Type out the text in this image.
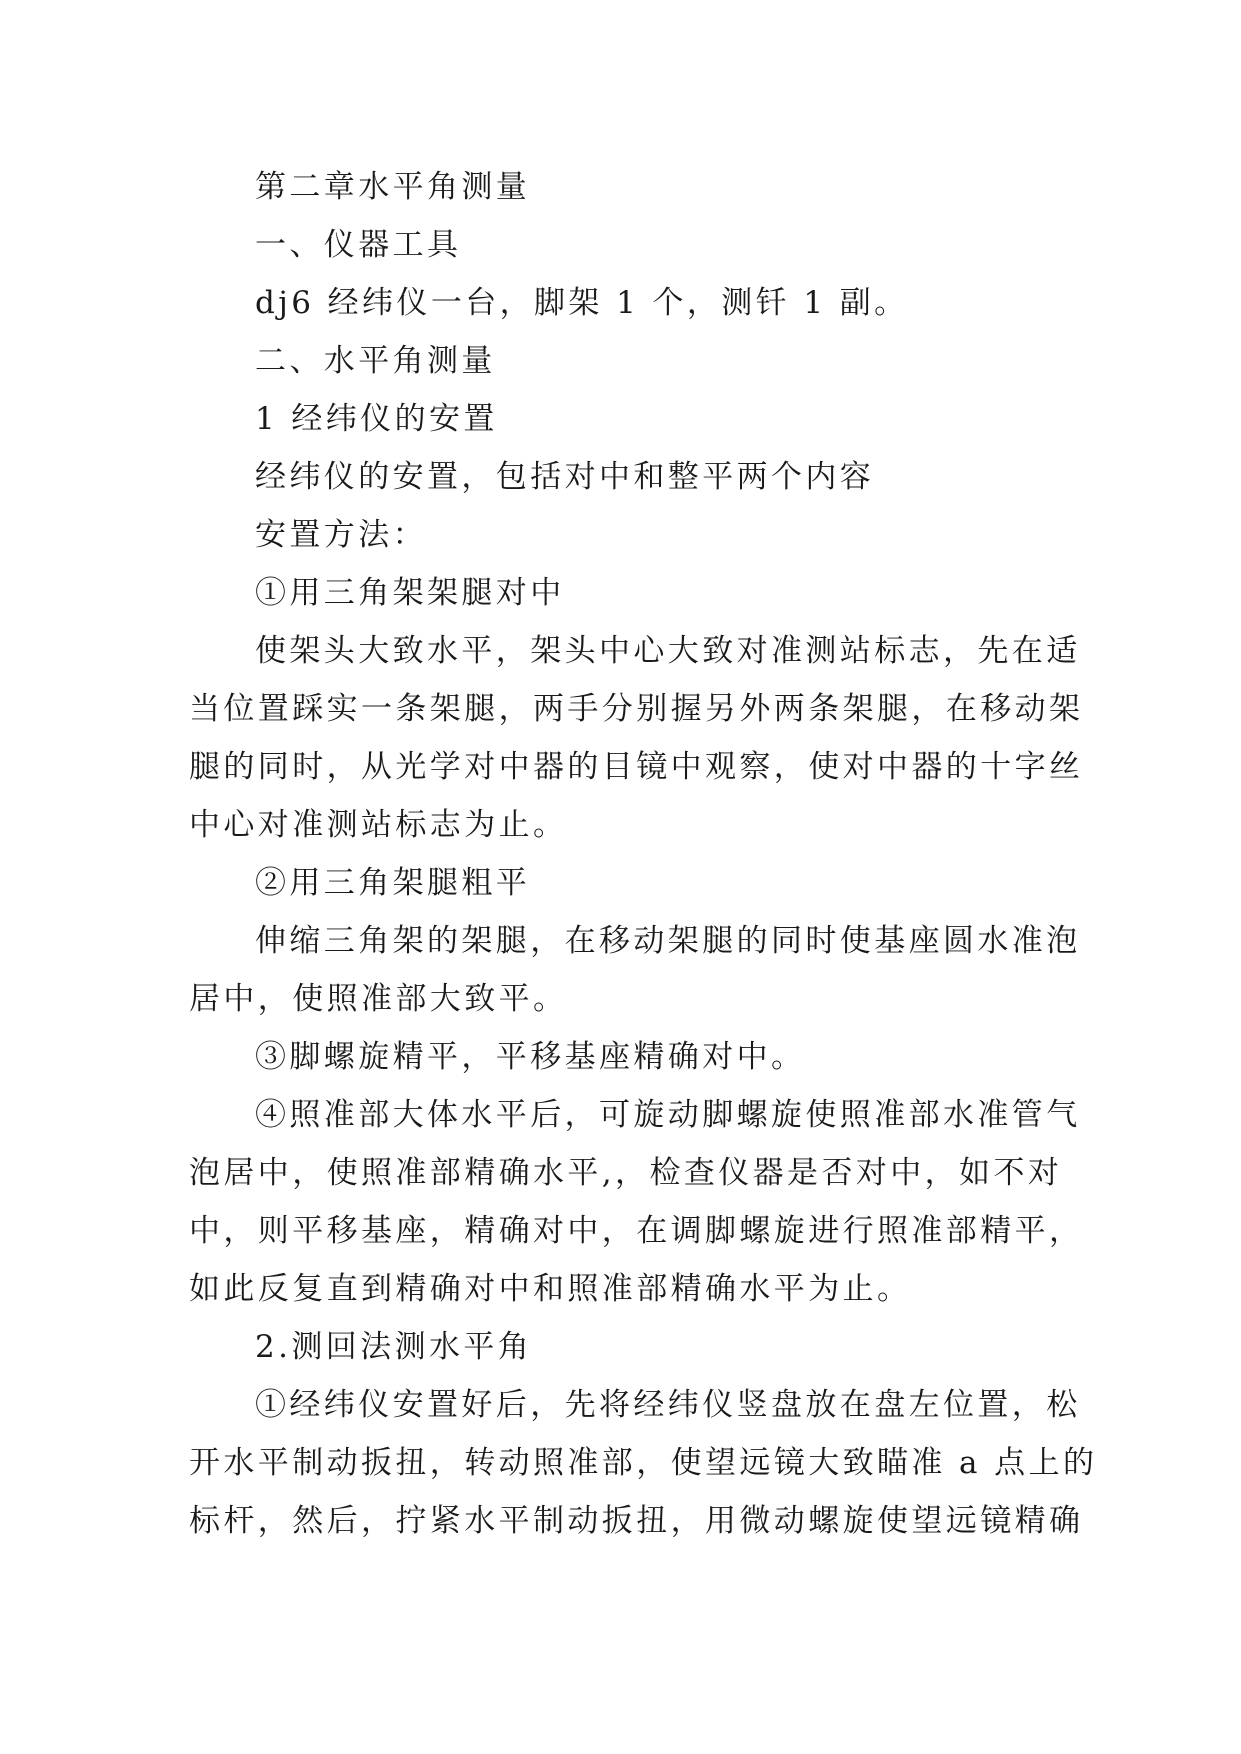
第二章水平角测量
一、仪器工具
dj6 经纬仪一台，脚架 1 个，测钎 1 副。
二、水平角测量
1 经纬仪的安置
经纬仪的安置，包括对中和整平两个内容
安置方法：
①用三角架架腿对中
使架头大致水平，架头中心大致对准测站标志，先在适
当位置踩实一条架腿，两手分别握另外两条架腿，在移动架
腿的同时，从光学对中器的目镜中观察，使对中器的十字丝
中心对准测站标志为止。
②用三角架腿粗平
伸缩三角架的架腿，在移动架腿的同时使基座圆水准泡
居中，使照准部大致平。
③脚螺旋精平，平移基座精确对中。
④照准部大体水平后，可旋动脚螺旋使照准部水准管气
泡居中，使照准部精确水平,，检查仪器是否对中，如不对
中，则平移基座，精确对中，在调脚螺旋进行照准部精平，
如此反复直到精确对中和照准部精确水平为止。
2.测回法测水平角
①经纬仪安置好后，先将经纬仪竖盘放在盘左位置，松
开水平制动扳扭，转动照准部，使望远镜大致瞄准 a 点上的
标杆，然后，拧紧水平制动扳扭，用微动螺旋使望远镜精确
